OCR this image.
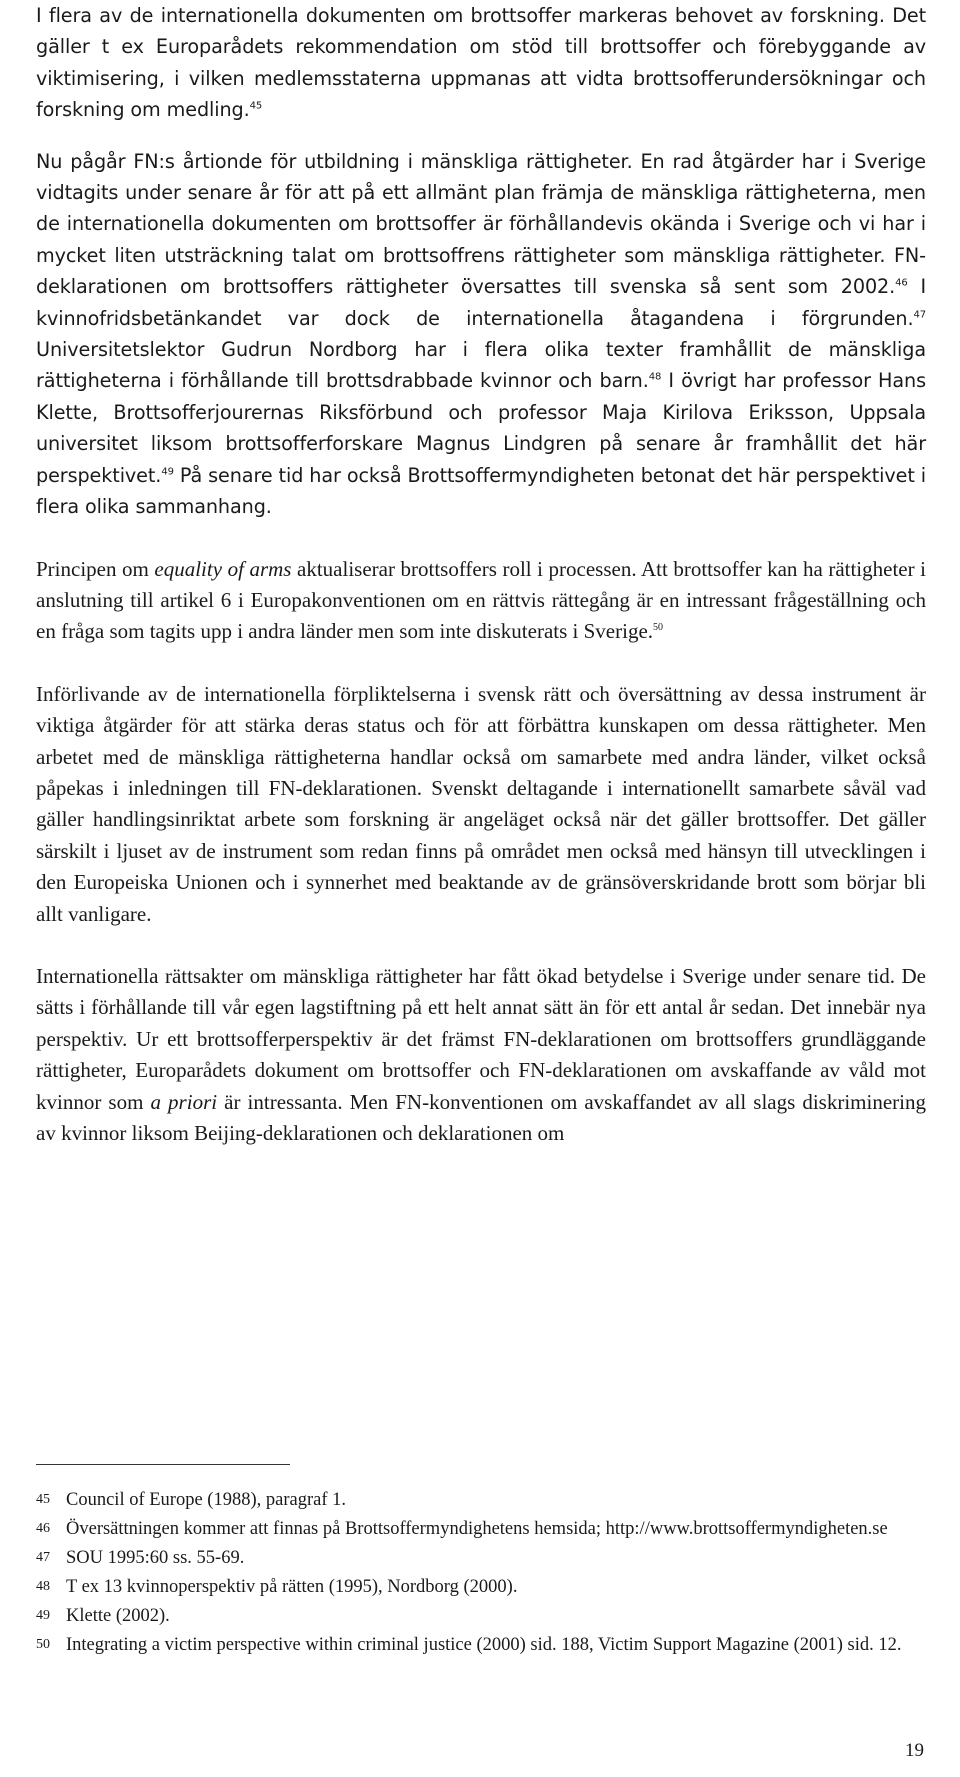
I flera av de internationella dokumenten om brottsoffer markeras behovet av forskning. Det gäller t ex Europarådets rekommendation om stöd till brottsoffer och förebyggande av viktimisering, i vilken medlemsstaterna uppmanas att vidta brottsofferundersökningar och forskning om medling.$^{45}$

Nu pågår FN:s årtionde för utbildning i mänskliga rättigheter. En rad åtgärder har i Sverige vidtagits under senare år för att på ett allmänt plan främja de mänskliga rättigheterna, men de internationella dokumenten om brottsoffer är förhållandevis okända i Sverige och vi har i mycket liten utsträckning talat om brottsoffrens rättigheter som mänskliga rättigheter. FN-deklarationen om brottsoffers rättigheter översattes till svenska så sent som 2002.46 I kvinnofridsbetänkandet var dock de internationella åtagandena i förgrunden.$^{47}$ Universitetslektor Gudrun Nordborg har i flera olika texter framhållit de mänskliga rättigheterna i förhållande till brottsdrabbade kvinnor och barn.$^{48}$ I övrigt har professor Hans Klette, Brottsofferjourernas Riksförbund och professor Maja Kirilova Eriksson, Uppsala universitet liksom brottsofferforskare Magnus Lindgren på senare år framhållit det här perspektivet.$^{49}$ På senare tid har också Brottsoffermyndigheten betonat det här perspektivet i flera olika sammanhang.

Principen om equality of arms aktualiserar brottsoffers roll i processen. Att brottsoffer kan ha rättigheter i anslutning till artikel 6 i Europakonventionen om en rättvis rättegång är en intressant frågeställning och en fråga som tagits upp i andra länder men som inte diskuterats i Sverige.$^{50}$

Införlivande av de internationella förpliktelserna i svensk rätt och översättning av dessa instrument är viktiga åtgärder för att stärka deras status och för att förbättra kunskapen om dessa rättigheter. Men arbetet med de mänskliga rättigheterna handlar också om samarbete med andra länder, vilket också påpekas i inledningen till FN-deklarationen. Svenskt deltagande i internationellt samarbete såväl vad gäller handlingsinriktat arbete som forskning är angeläget också när det gäller brottsoffer. Det gäller särskilt i ljuset av de instrument som redan finns på området men också med hänsyn till utvecklingen i den Europeiska Unionen och i synnerhet med beaktande av de gränsöverskridande brott som börjar bli allt vanligare.

Internationella rättsakter om mänskliga rättigheter har fått ökad betydelse i Sverige under senare tid. De sätts i förhållande till vår egen lagstiftning på ett helt annat sätt än för ett antal år sedan. Det innebär nya perspektiv. Ur ett brottsofferperspektiv är det främst FN-deklarationen om brottsoffers grundläggande rättigheter, Europarådets dokument om brottsoffer och FN-deklarationen om avskaffande av våld mot kvinnor som a priori är intressanta. Men FN-konventionen om avskaffandet av all slags diskriminering av kvinnor liksom Beijing-deklarationen och deklarationen om

45 Council of Europe (1988), paragraf 1.
46 Översättningen kommer att finnas på Brottsoffermyndighetens hemsida; http://www.brottsoffermyndigheten.se
47 SOU 1995:60 ss. 55-69.
48 T ex 13 kvinnoperspektiv på rätten (1995), Nordborg (2000).
49 Klette (2002).
50 Integrating a victim perspective within criminal justice (2000) sid. 188, Victim Support Magazine (2001) sid. 12.
19
